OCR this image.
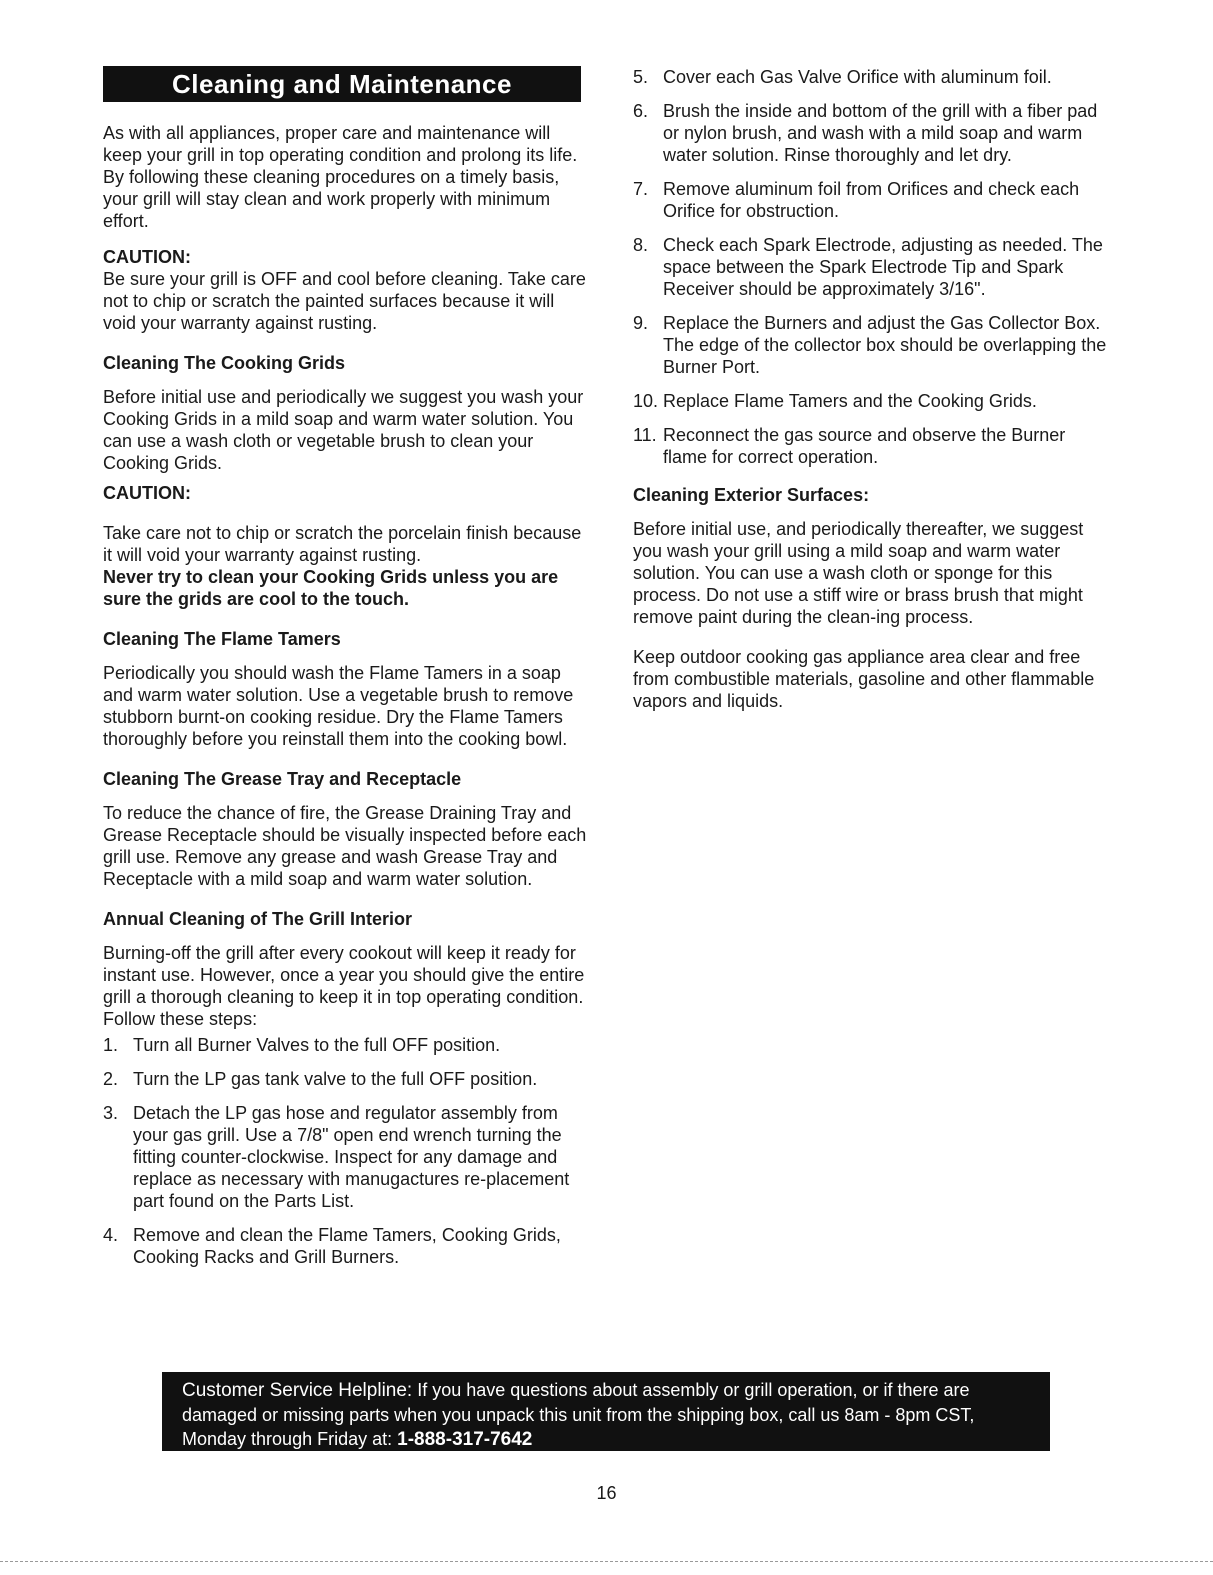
Cleaning and Maintenance

As with all appliances, proper care and maintenance will keep your grill in top operating condition and prolong its life. By following these cleaning procedures on a timely basis, your grill will stay clean and work properly with minimum effort.

CAUTION:

Be sure your grill is OFF and cool before cleaning. Take care not to chip or scratch the painted surfaces because it will void your warranty against rusting.

Cleaning The Cooking Grids

Before initial use and periodically we suggest you wash your Cooking Grids in a mild soap and warm water solution. You can use a wash cloth or vegetable brush to clean your Cooking Grids.

CAUTION:

Take care not to chip or scratch the porcelain finish because it will void your warranty against rusting.

Never try to clean your Cooking Grids unless you are sure the grids are cool to the touch.

Cleaning The Flame Tamers

Periodically you should wash the Flame Tamers in a soap and warm water solution. Use a vegetable brush to remove stubborn burnt-on cooking residue. Dry the Flame Tamers thoroughly before you reinstall them into the cooking bowl.

Cleaning The Grease Tray and Receptacle

To reduce the chance of fire, the Grease Draining Tray and Grease Receptacle should be visually inspected before each grill use. Remove any grease and wash Grease Tray and Receptacle with a mild soap and warm water solution.

Annual Cleaning of The Grill Interior

Burning-off the grill after every cookout will keep it ready for instant use. However, once a year you should give the entire grill a thorough cleaning to keep it in top operating condition. Follow these steps:

1. Turn all Burner Valves to the full OFF position.
2. Turn the LP gas tank valve to the full OFF position.
3. Detach the LP gas hose and regulator assembly from your gas grill. Use a 7/8" open end wrench turning the fitting counter-clockwise. Inspect for any damage and replace as necessary with manugactures re-placement part found on the Parts List.
4. Remove and clean the Flame Tamers, Cooking Grids, Cooking Racks and Grill Burners.
5. Cover each Gas Valve Orifice with aluminum foil.
6. Brush the inside and bottom of the grill with a fiber pad or nylon brush, and wash with a mild soap and warm water solution. Rinse thoroughly and let dry.
7. Remove aluminum foil from Orifices and check each Orifice for obstruction.
8. Check each Spark Electrode, adjusting as needed. The space between the Spark Electrode Tip and Spark Receiver should be approximately 3/16".
9. Replace the Burners and adjust the Gas Collector Box. The edge of the collector box should be overlapping the Burner Port.
10. Replace Flame Tamers and the Cooking Grids.
11. Reconnect the gas source and observe the Burner flame for correct operation.

Cleaning Exterior Surfaces:

Before initial use, and periodically thereafter, we suggest you wash your grill using a mild soap and warm water solution. You can use a wash cloth or sponge for this process. Do not use a stiff wire or brass brush that might remove paint during the clean-ing process.

Keep outdoor cooking gas appliance area clear and free from combustible materials, gasoline and other flammable vapors and liquids.

Customer Service Helpline: If you have questions about assembly or grill operation, or if there are damaged or missing parts when you unpack this unit from the shipping box, call us 8am - 8pm CST, Monday through Friday at: 1-888-317-7642
16
